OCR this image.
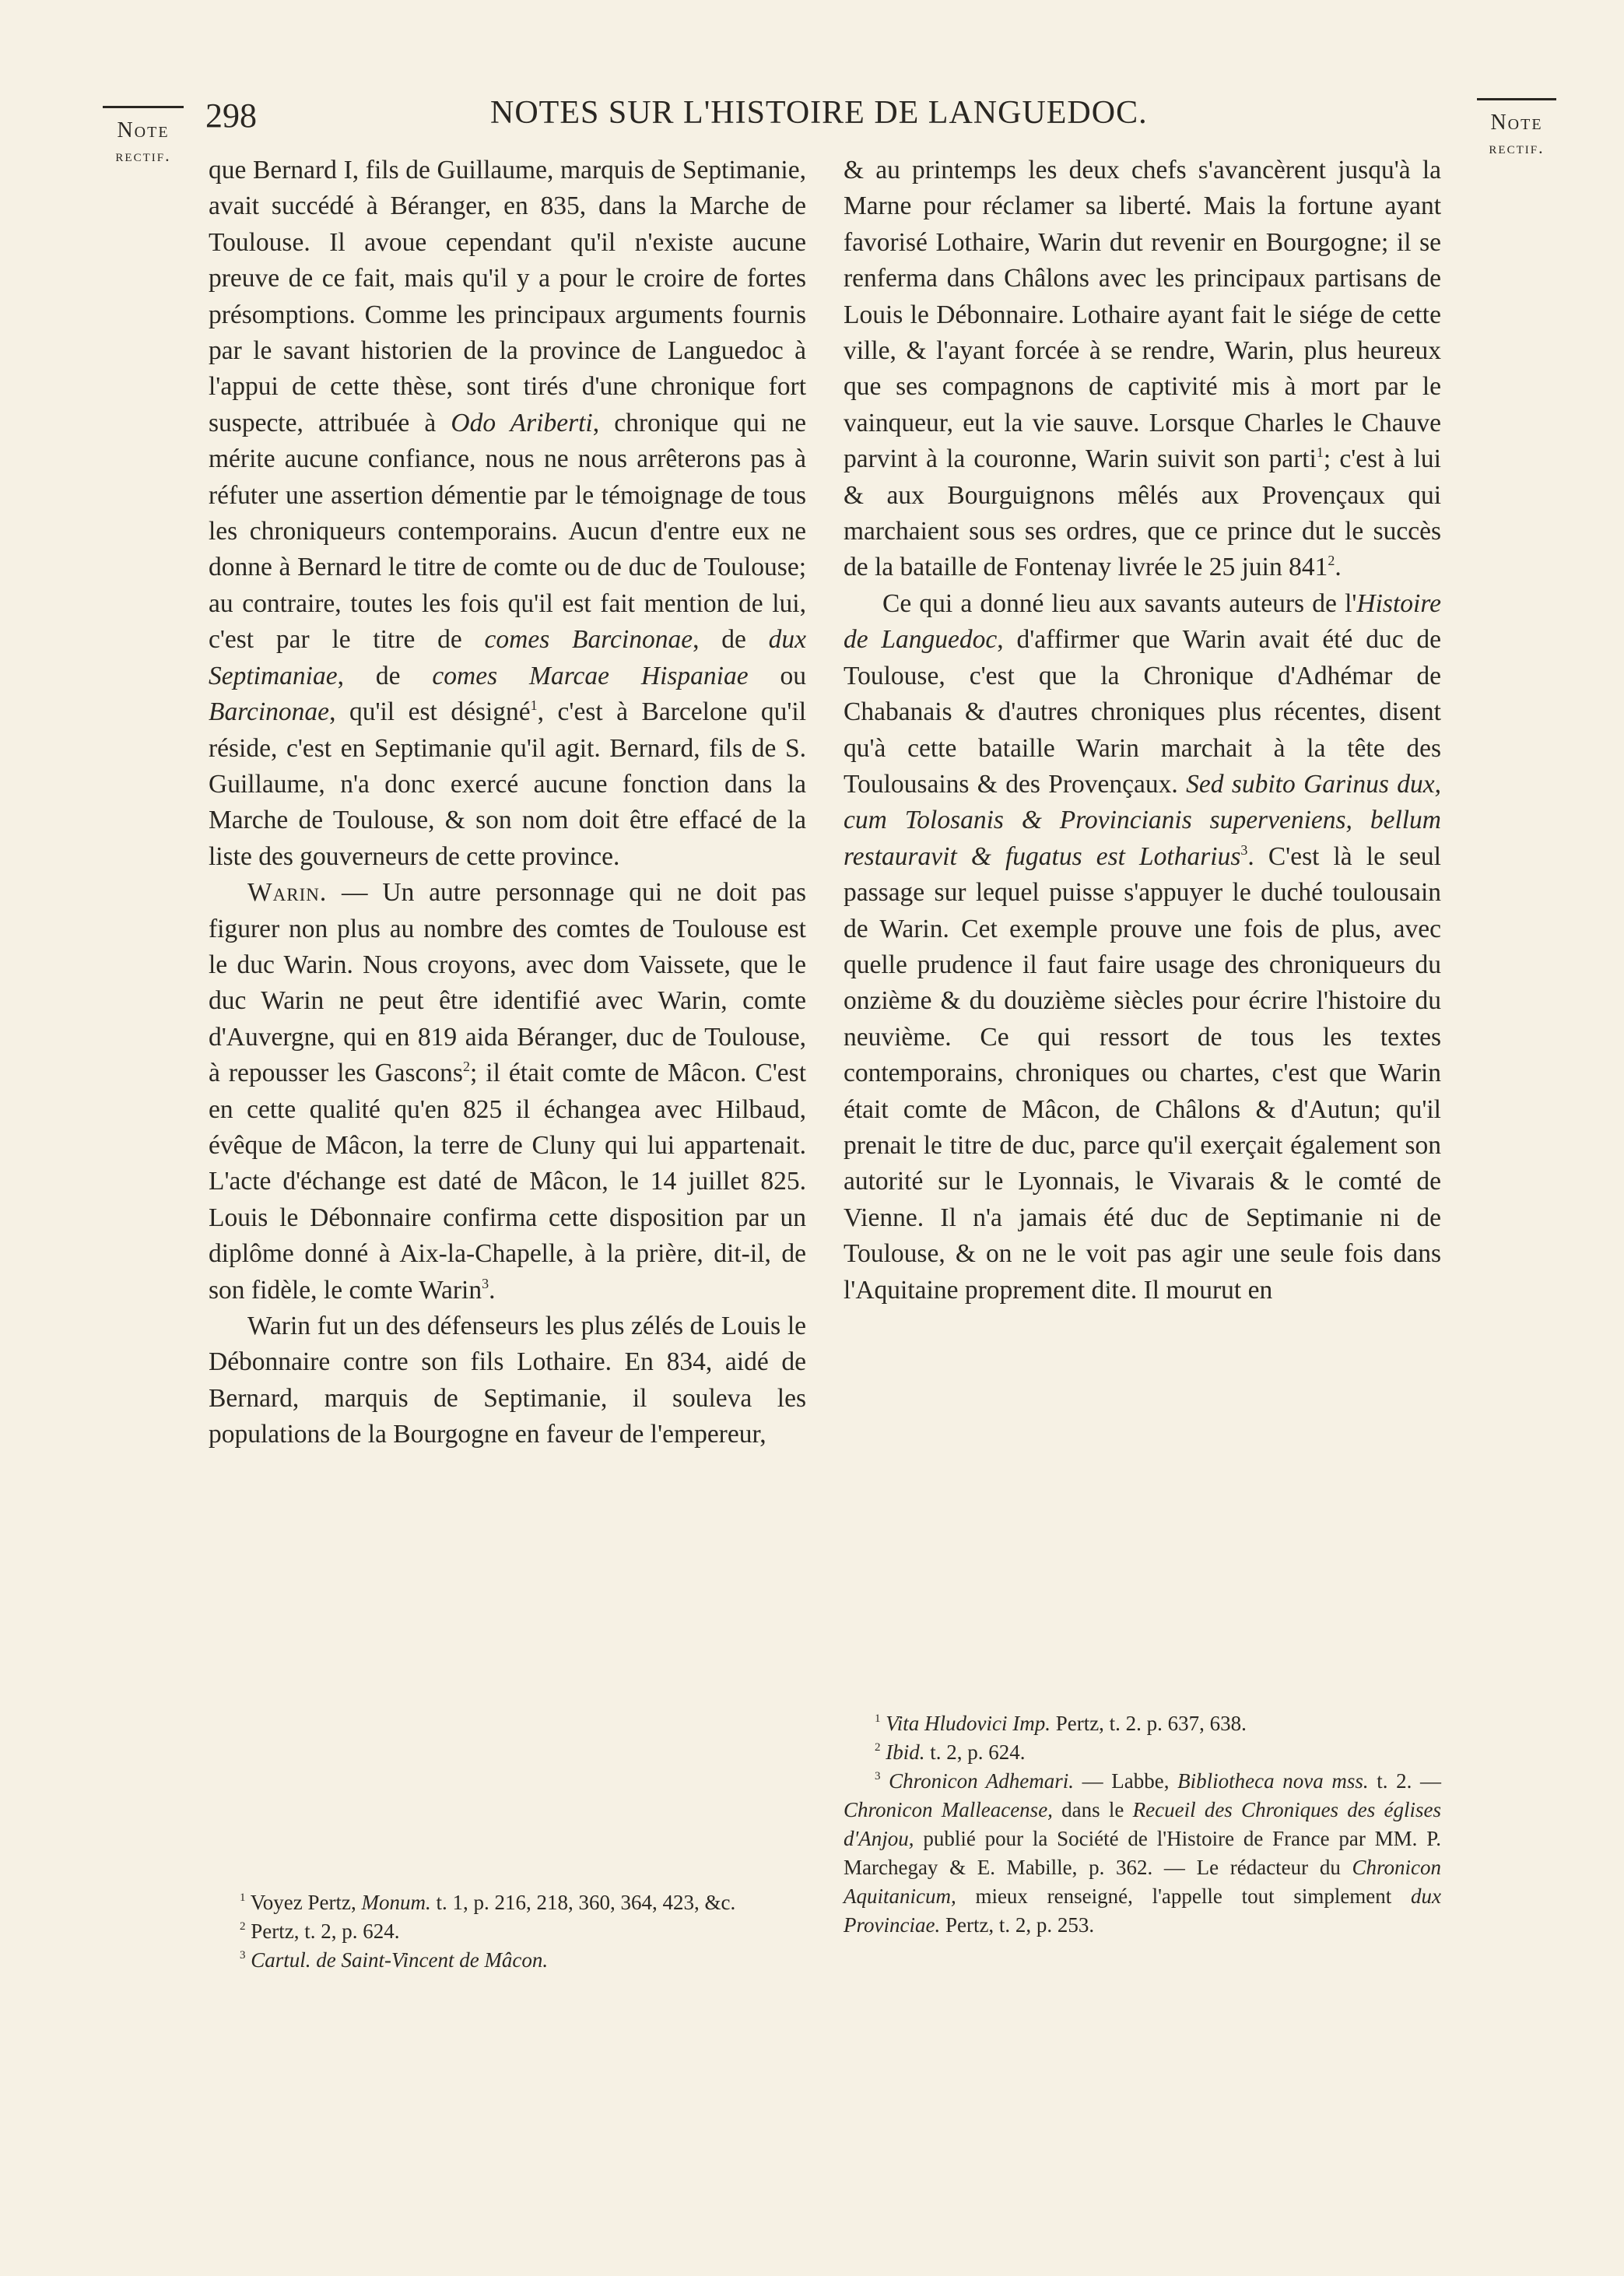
Note
rectif.
Note
rectif.
298	NOTES SUR L'HISTOIRE DE LANGUEDOC.

que Bernard I, fils de Guillaume, marquis de Septimanie, avait succédé à Béranger, en 835, dans la Marche de Toulouse. Il avoue cependant qu'il n'existe aucune preuve de ce fait, mais qu'il y a pour le croire de fortes présomptions. Comme les principaux arguments fournis par le savant historien de la province de Languedoc à l'appui de cette thèse, sont tirés d'une chronique fort suspecte, attribuée à Odo Ariberti, chronique qui ne mérite aucune confiance, nous ne nous arrêterons pas à réfuter une assertion démentie par le témoignage de tous les chroniqueurs contemporains. Aucun d'entre eux ne donne à Bernard le titre de comte ou de duc de Toulouse; au contraire, toutes les fois qu'il est fait mention de lui, c'est par le titre de comes Barcinonae, de dux Septimaniae, de comes Marcae Hispaniae ou Barcinonae, qu'il est désigné$^1$, c'est à Barcelone qu'il réside, c'est en Septimanie qu'il agit. Bernard, fils de S. Guillaume, n'a donc exercé aucune fonction dans la Marche de Toulouse, & son nom doit être effacé de la liste des gouverneurs de cette province.

Warin. — Un autre personnage qui ne doit pas figurer non plus au nombre des comtes de Toulouse est le duc Warin. Nous croyons, avec dom Vaissete, que le duc Warin ne peut être identifié avec Warin, comte d'Auvergne, qui en 819 aida Béranger, duc de Toulouse, à repousser les Gascons$^2$; il était comte de Mâcon. C'est en cette qualité qu'en 825 il échangea avec Hilbaud, évêque de Mâcon, la terre de Cluny qui lui appartenait. L'acte d'échange est daté de Mâcon, le 14 juillet 825. Louis le Débonnaire confirma cette disposition par un diplôme donné à Aix-la-Chapelle, à la prière, dit-il, de son fidèle, le comte Warin$^3$.

Warin fut un des défenseurs les plus zélés de Louis le Débonnaire contre son fils Lothaire. En 834, aidé de Bernard, marquis de Septimanie, il souleva les populations de la Bourgogne en faveur de l'empereur,

& au printemps les deux chefs s'avancèrent jusqu'à la Marne pour réclamer sa liberté. Mais la fortune ayant favorisé Lothaire, Warin dut revenir en Bourgogne; il se renferma dans Châlons avec les principaux partisans de Louis le Débonnaire. Lothaire ayant fait le siége de cette ville, & l'ayant forcée à se rendre, Warin, plus heureux que ses compagnons de captivité mis à mort par le vainqueur, eut la vie sauve. Lorsque Charles le Chauve parvint à la couronne, Warin suivit son parti$^1$; c'est à lui & aux Bourguignons mêlés aux Provençaux qui marchaient sous ses ordres, que ce prince dut le succès de la bataille de Fontenay livrée le 25 juin $841^2$.

Ce qui a donné lieu aux savants auteurs de l'Histoire de Languedoc, d'affirmer que Warin avait été duc de Toulouse, c'est que la Chronique d'Adhémar de Chabanais & d'autres chroniques plus récentes, disent qu'à cette bataille Warin marchait à la tête des Toulousains & des Provençaux. Sed subito Garinus dux, cum Tolosanis & Provincianis superveniens, bellum restauravit & fugatus est Lotharius$^3$. C'est là le seul passage sur lequel puisse s'appuyer le duché toulousain de Warin. Cet exemple prouve une fois de plus, avec quelle prudence il faut faire usage des chroniqueurs du onzième & du douzième siècles pour écrire l'histoire du neuvième. Ce qui ressort de tous les textes contemporains, chroniques ou chartes, c'est que Warin était comte de Mâcon, de Châlons & d'Autun; qu'il prenait le titre de duc, parce qu'il exerçait également son autorité sur le Lyonnais, le Vivarais & le comté de Vienne. Il n'a jamais été duc de Septimanie ni de Toulouse, & on ne le voit pas agir une seule fois dans l'Aquitaine proprement dite. Il mourut en

$^1$ Voyez Pertz, Monum. t. 1, p. 216, 218, 360, 364, 423, &c.

$^2$ Pertz, t. 2, p. 624.

$^3$ Cartul. de Saint-Vincent de Mâcon.

$^1$ Vita Hludovici Imp. Pertz, t. 2. p. 637, 638.

$^2$ Ibid. t. 2, p. 624.

$^3$ Chronicon Adhemari. — Labbe, Bibliotheca nova mss. t. 2. — Chronicon Malleacense, dans le Recueil des Chroniques des églises d'Anjou, publié pour la Société de l'Histoire de France par MM. P. Marchegay & E. Mabille, p. 362. — Le rédacteur du Chronicon Aquitanicum, mieux renseigné, l'appelle tout simplement dux Provinciae. Pertz, t. 2, p. 253.
